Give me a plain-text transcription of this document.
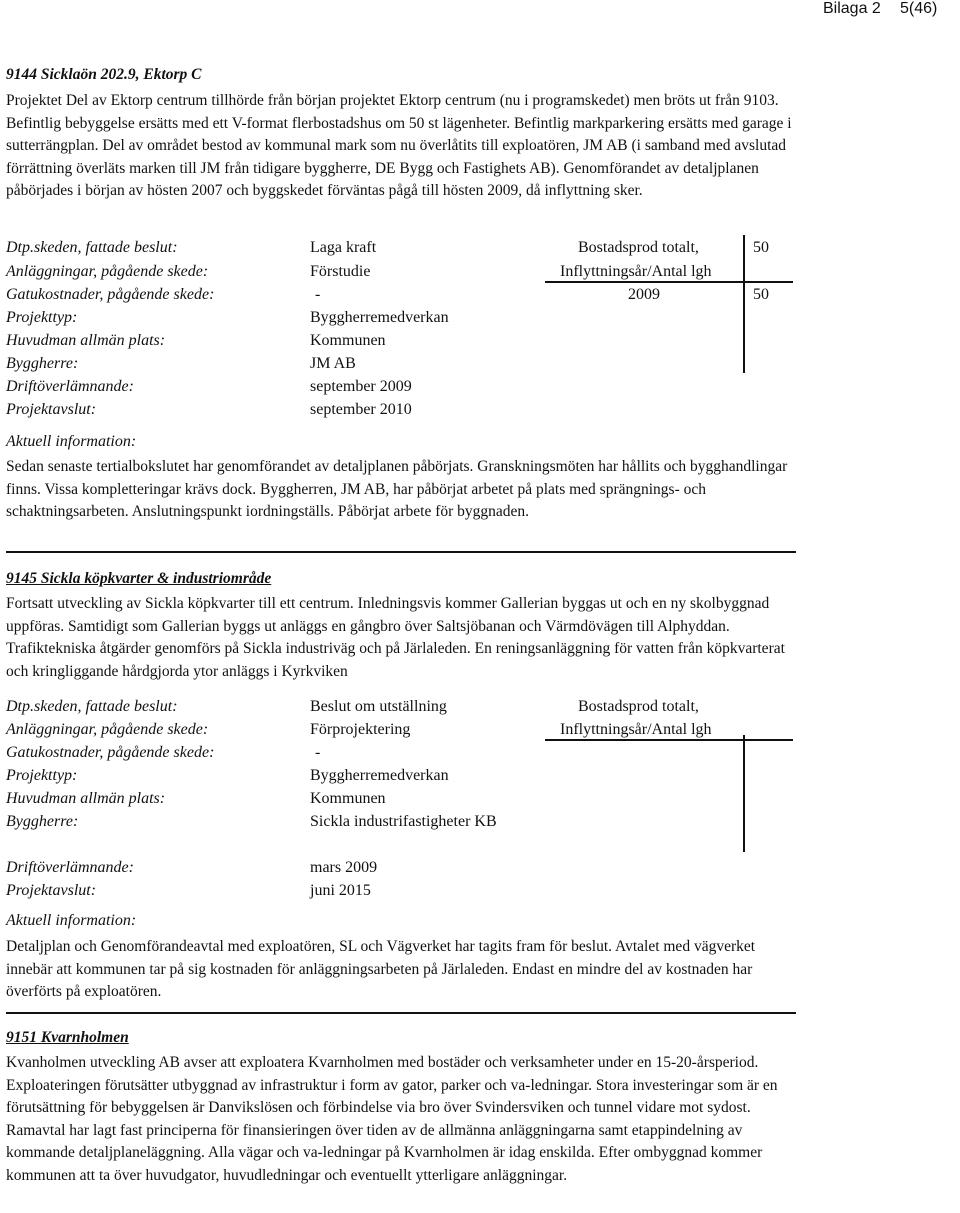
Bilaga 2 5(46)
9144 Sicklaön 202.9, Ektorp C

Projektet Del av Ektorp centrum tillhörde från början projektet Ektorp centrum (nu i programskedet) men bröts ut från 9103. Befintlig bebyggelse ersätts med ett V-format flerbostadshus om 50 st lägenheter. Befintlig markparkering ersätts med garage i sutterrängplan. Del av området bestod av kommunal mark som nu överlåtits till exploatören, JM AB (i samband med avslutad förrättning överläts marken till JM från tidigare byggherre, DE Bygg och Fastighets AB). Genomförandet av detaljplanen påbörjades i början av hösten 2007 och byggskedet förväntas pågå till hösten 2009, då inflyttning sker.

Dtp.skeden, fattade beslut:	Laga kraft
Anläggningar, pågående skede:	Förstudie
Gatukostnader, pågående skede:	-
Projekttyp:	Byggherremedverkan
Huvudman allmän plats:	Kommunen
Byggherre:	JM AB
Driftöverlämnande:	september 2009
Projektavslut:	september 2010
Bostadsprod totalt,	50
Inflyttningsår/Antal lgh
2009	50
Aktuell information:

Sedan senaste tertialbokslutet har genomförandet av detaljplanen påbörjats. Granskningsmöten har hållits och bygghandlingar finns. Vissa kompletteringar krävs dock. Byggherren, JM AB, har påbörjat arbetet på plats med sprängnings- och schaktningsarbeten. Anslutningspunkt iordningställs. Påbörjat arbete för byggnaden.

9145 Sickla köpkvarter & industriområde

Fortsatt utveckling av Sickla köpkvarter till ett centrum. Inledningsvis kommer Gallerian byggas ut och en ny skolbyggnad uppföras. Samtidigt som Gallerian byggs ut anläggs en gångbro över Saltsjöbanan och Värmdövägen till Alphyddan. Trafiktekniska åtgärder genomförs på Sickla industriväg och på Järlaleden. En reningsanläggning för vatten från köpkvarterat och kringliggande hårdgjorda ytor anläggs i Kyrkviken

Dtp.skeden, fattade beslut:	Beslut om utställning
Anläggningar, pågående skede:	Förprojektering
Gatukostnader, pågående skede:	-
Projekttyp:	Byggherremedverkan
Huvudman allmän plats:	Kommunen
Byggherre:	Sickla industrifastigheter KB
Driftöverlämnande:	mars 2009
Projektavslut:	juni 2015
Bostadsprod totalt,
Inflyttningsår/Antal lgh
Aktuell information:

Detaljplan och Genomförandeavtal med exploatören, SL och Vägverket har tagits fram för beslut. Avtalet med vägverket innebär att kommunen tar på sig kostnaden för anläggningsarbeten på Järlaleden. Endast en mindre del av kostnaden har överförts på exploatören.

9151 Kvarnholmen

Kvanholmen utveckling AB avser att exploatera Kvarnholmen med bostäder och verksamheter under en 15-20-årsperiod. Exploateringen förutsätter utbyggnad av infrastruktur i form av gator, parker och va-ledningar. Stora investeringar som är en förutsättning för bebyggelsen är Danvikslösen och förbindelse via bro över Svindersviken och tunnel vidare mot sydost. Ramavtal har lagt fast principerna för finansieringen över tiden av de allmänna anläggningarna samt etappindelning av kommande detaljplaneläggning. Alla vägar och va-ledningar på Kvarnholmen är idag enskilda. Efter ombyggnad kommer kommunen att ta över huvudgator, huvudledningar och eventuellt ytterligare anläggningar.
